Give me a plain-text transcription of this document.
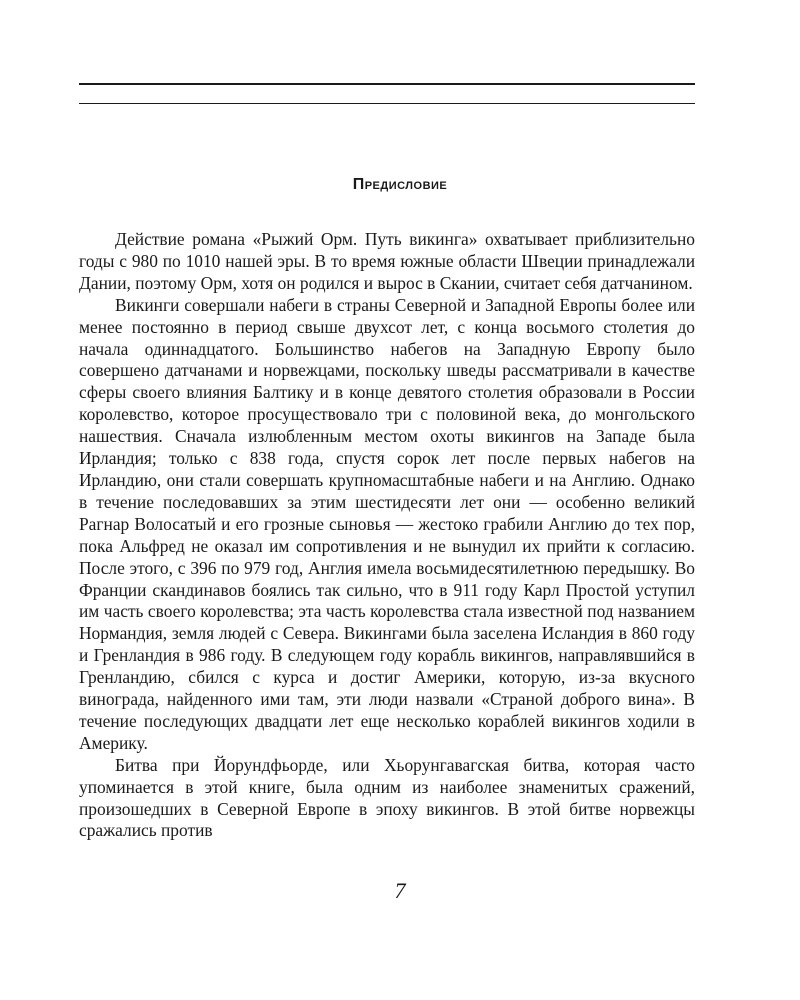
Предисловие

Действие романа «Рыжий Орм. Путь викинга» охватывает приблизительно годы с 980 по 1010 нашей эры. В то время южные области Швеции принадлежали Дании, поэтому Орм, хотя он родился и вырос в Скании, считает себя датчанином.

Викинги совершали набеги в страны Северной и Западной Европы более или менее постоянно в период свыше двухсот лет, с конца восьмого столетия до начала одиннадцатого. Большинство набегов на Западную Европу было совершено датчанами и норвежцами, поскольку шведы рассматривали в качестве сферы своего влияния Балтику и в конце девятого столетия образовали в России королевство, которое просуществовало три с половиной века, до монгольского нашествия. Сначала излюбленным местом охоты викингов на Западе была Ирландия; только с 838 года, спустя сорок лет после первых набегов на Ирландию, они стали совершать крупномасштабные набеги и на Англию. Однако в течение последовавших за этим шестидесяти лет они — особенно великий Рагнар Волосатый и его грозные сыновья — жестоко грабили Англию до тех пор, пока Альфред не оказал им сопротивления и не вынудил их прийти к согласию. После этого, с 396 по 979 год, Англия имела восьмидесятилетнюю передышку. Во Франции скандинавов боялись так сильно, что в 911 году Карл Простой уступил им часть своего королевства; эта часть королевства стала известной под названием Нормандия, земля людей с Севера. Викингами была заселена Исландия в 860 году и Гренландия в 986 году. В следующем году корабль викингов, направлявшийся в Гренландию, сбился с курса и достиг Америки, которую, из-за вкусного винограда, найденного ими там, эти люди назвали «Страной доброго вина». В течение последующих двадцати лет еще несколько кораблей викингов ходили в Америку.

Битва при Йорундфьорде, или Хьорунгавагская битва, которая часто упоминается в этой книге, была одним из наиболее знаменитых сражений, произошедших в Северной Европе в эпоху викингов. В этой битве норвежцы сражались против

7
